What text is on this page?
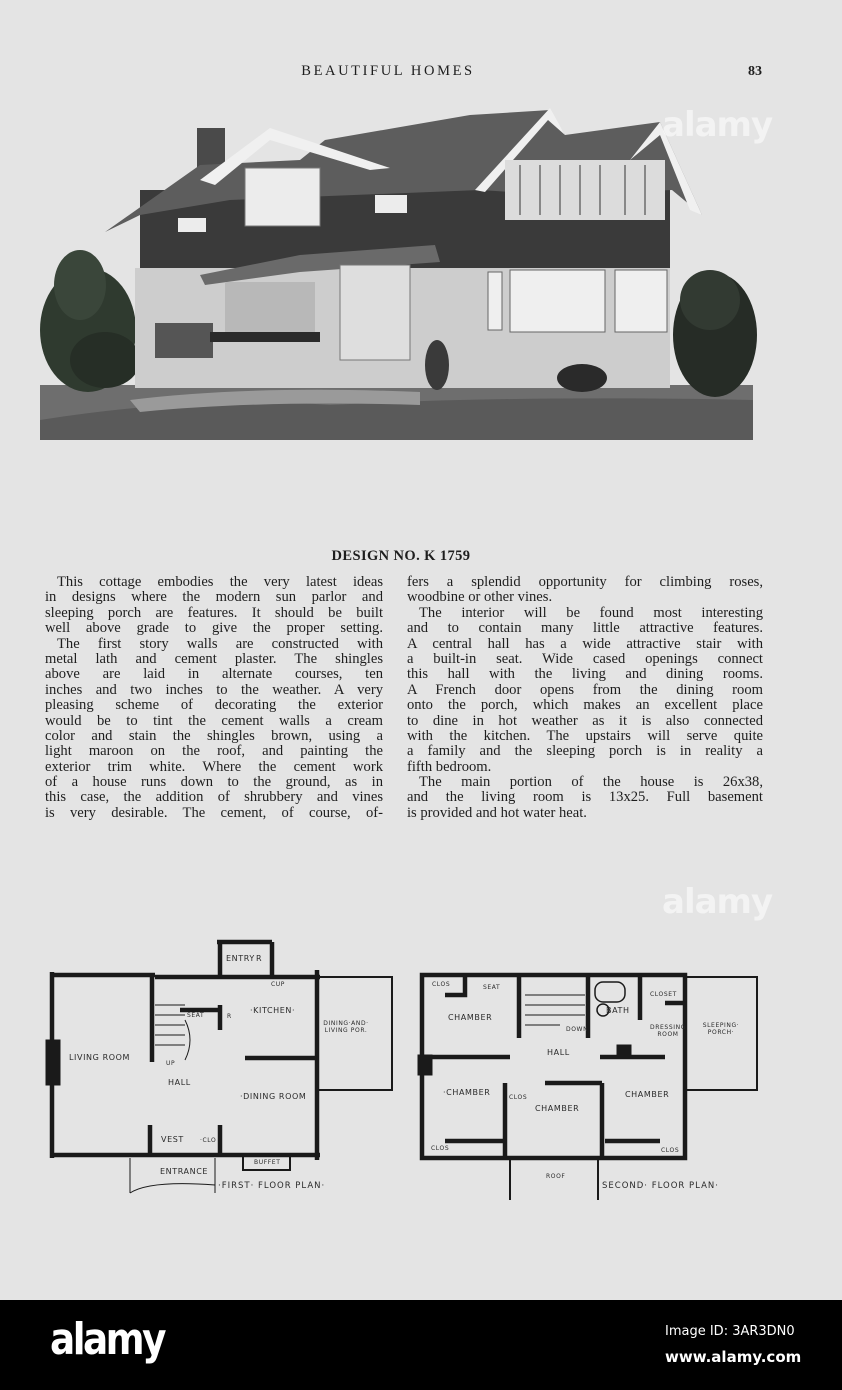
BEAUTIFUL HOMES	83
DESIGN NO. K 1759
This cottage embodies the very latest ideas
in designs where the modern sun parlor and
sleeping porch are features. It should be built
well above grade to give the proper setting.
The first story walls are constructed with
metal lath and cement plaster. The shingles
above are laid in alternate courses, ten
inches and two inches to the weather. A very
pleasing scheme of decorating the exterior
would be to tint the cement walls a cream
color and stain the shingles brown, using a
light maroon on the roof, and painting the
exterior trim white. Where the cement work
of a house runs down to the ground, as in
this case, the addition of shrubbery and vines
is very desirable. The cement, of course, of-
fers a splendid opportunity for climbing roses,
woodbine or other vines.
The interior will be found most interesting
and to contain many little attractive features.
A central hall has a wide attractive stair with
a built-in seat. Wide cased openings connect
this hall with the living and dining rooms.
A French door opens from the dining room
onto the porch, which makes an excellent place
to dine in hot weather as it is also connected
with the kitchen. The upstairs will serve quite
a family and the sleeping porch is in reality a
fifth bedroom.
The main portion of the house is 26x38,
and the living room is 13x25. Full basement
is provided and hot water heat.
ENTRY R
CUP
SEAT	R
·KITCHEN·
DINING·AND· LIVING POR.
LIVING ROOM
UP
HALL
·DINING ROOM
VEST	·CLO
BUFFET
ENTRANCE
·FIRST· FLOOR PLAN·
CLOS	SEAT
CHAMBER
BATH
CLOSET
DOWN	DRESSING ROOM
SLEEPING· PORCH·
HALL
·CHAMBER
CLOS
CHAMBER
CHAMBER
CLOS	CLOS
ROOF
SECOND· FLOOR PLAN·
alamy
alamy
alamy	Image ID: 3AR3DN0
www.alamy.com
